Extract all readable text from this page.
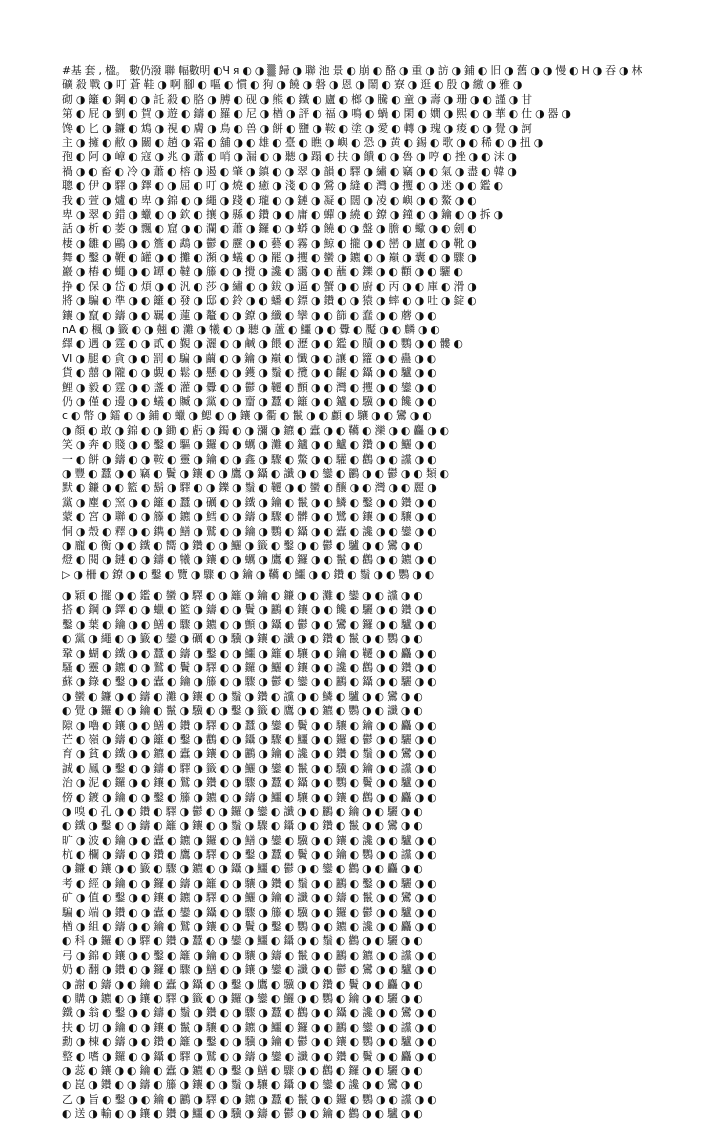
#基 套 , 楹。 數仍潑 聯 幅數明 ◐Ч я ◐ ◑ ▒ 歸 ◑ 聯 池 景 ◐ 崩 ◐ 酪 ◑ 重 ◑ 訪 ◑ 鋪 ◐ 旧 ◑ 舊 ◑ ◑ 慢 ◐ H ◑ 吞 ◑ 林
礦 殺 戰 ◑ 叮 蒼 鞋 ◑ 啊 腳 ◐ 嘔 ◐ 慣 ◐ 狗 ◑ 饒 ◑ 磐 ◑ 恩 ◑ 鬧 ◐ 寮 ◑ 逛 ◐ 殷 ◑ 繳 ◑ 雅 ◑
砌 ◑ 籬 ◐ 鋼 ◐ ◑ 託 殺 ◐ 胳 ◑ 膊 ◐ 砚 ◑ 熊 ◐ 鐵 ◐ 廬 ◐ 榔 ◑ 騰 ◐ 童 ◑ 壽 ◑ 珊 ◑ ◐ 謹 ◑ 甘
第 ◐ 屁 ◑ 劉 ◐ 賀 ◑ 遊 ◐ 鑄 ◐ 羅 ◐ 尼 ◑ 楢 ◑ 評 ◐ 福 ◑ 鳴 ◐ 蝸 ◐ 閑 ◐ 嫺 ◑ 熙 ◐ ◑ 華 ◐ 仕 ◑ 器 ◑
馋 ◐ 匕 ◑ 鐮 ◐ 鴆 ◑ 視 ◐ 膚 ◑ 鳥 ◐ 兽 ◑ 餅 ◐ 鹽 ◑ 鞍 ◐ 塗 ◑ 愛 ◐ 轉 ◑ 瑰 ◑ 痠 ◐ ◑ 覺 ◑ 訶
主 ◑ 擁 ◐ 敝 ◑ 關 ◐ 趟 ◑ 霜 ◐ 舖 ◑ ◐ 雄 ◐ 臺 ◐ 瞧 ◑ 嶼 ◐ 恐 ◑ 黄 ◐ 錫 ◐ 歌 ◑ ◐ 稀 ◐ ◑ 扭 ◑
孢 ◐ 阿 ◑ 嶂 ◐ 寇 ◑ 兆 ◑ 蕭 ◐ 哨 ◑ 漏 ◐ ◑ 聽 ◑ 蹋 ◐ 扶 ◑ 饋 ◐ ◑ 魯 ◑ 哼 ◐ 挫 ◑ ◐ 沫 ◑
禍 ◑ ◐ 畜 ◐ 冷 ◑ 蕭 ◐ 榕 ◑ 遏 ◐ 肇 ◑ 鎮 ◐ ◑ 翠 ◑ 韻 ◐ 驛 ◑ 繡 ◐ 竊 ◑ ◐ 氣 ◑ 盡 ◐ 韓 ◑
聰 ◐ 伊 ◑ 驛 ◑ 鐸 ◐ ◑ 屈 ◐ 叮 ◑ 燒 ◐ 癒 ◑ 淺 ◐ ◑ 鶯 ◑ 縫 ◐ 灣 ◑ 攫 ◐ ◑ 迷 ◑ ◐ 鑑 ◐
我 ◐ 萱 ◑ 爐 ◐ 卑 ◑ 錦 ◐ ◑ 繩 ◑ 踐 ◐ 瓏 ◐ ◑ 鏈 ◑ 凝 ◐ 闊 ◑ 凌 ◐ 嶼 ◑ ◐ 鰲 ◑ ◐
卑 ◑ 翠 ◐ 錯 ◑ 蠟 ◐ ◑ 欽 ◐ 攘 ◑ 縣 ◐ 鑽 ◑ ◐ 庸 ◐ 蟬 ◑ 繞 ◐ 鐐 ◑ 鐘 ◐ ◑ 鑰 ◐ ◑ 拆 ◑
話 ◑ 析 ◐ 萎 ◑ 飄 ◐ 窟 ◑ ◐ 瀾 ◐ 蕭 ◑ 鑼 ◐ ◑ 蟒 ◑ 饒 ◐ ◑ 盤 ◑ 膽 ◐ 蠍 ◑ ◐ 劍 ◐
棲 ◑ 雛 ◐ 鷗 ◑ ◐ 簷 ◐ 鵡 ◑ 鬱 ◐ 靂 ◑ ◐ 藝 ◐ 霧 ◑ 鯨 ◐ 攏 ◑ ◐ 巒 ◑ 廬 ◐ ◑ 靴 ◑
舞 ◐ 鑿 ◑ 鞭 ◐ 罐 ◑ ◐ 攤 ◐ 瀕 ◑ 蟻 ◐ ◑ 罷 ◑ 攫 ◐ 蠻 ◑ 鑣 ◐ ◑ 巔 ◑ 囊 ◐ ◑ 驟 ◑
巖 ◑ 樁 ◐ 蠅 ◑ ◐ 罈 ◐ 韃 ◑ 籐 ◐ ◑ 攪 ◑ 讒 ◐ 靄 ◑ ◐ 蘸 ◐ 鑠 ◑ ◐ 顴 ◑ ◐ 驪 ◐
挣 ◐ 保 ◑ 岱 ◐ 煩 ◑ ◐ 汎 ◐ 莎 ◑ 繡 ◐ ◑ 鈸 ◑ 逼 ◐ 蟹 ◑ ◐ 廚 ◐ 丙 ◑ ◐ 庫 ◐ 滑 ◑
將 ◑ 騙 ◐ 準 ◑ ◐ 籬 ◐ 發 ◑ 邸 ◐ 鈴 ◑ ◐ 蟠 ◐ 鏢 ◑ 鑽 ◐ ◑ 猿 ◑ 蟀 ◐ ◑ 吐 ◑ 錠 ◐
鑲 ◑ 竄 ◐ 鑄 ◑ ◐ 羈 ◐ 蓮 ◑ 鼇 ◐ ◑ 鐐 ◑ 纖 ◐ 攣 ◑ ◐ 篩 ◐ 蠢 ◑ ◐ 蘑 ◑ ◐
nA ◐ 楓 ◑ 籤 ◐ ◑ 翹 ◐ 灘 ◑ 犧 ◐ ◑ 聽 ◑ 蘆 ◐ 鱷 ◑ ◐ 釁 ◐ 魘 ◑ ◐ 麟 ◑ ◐
繹 ◐ 遇 ◑ 霆 ◐ ◑ 貳 ◐ 覲 ◑ 灑 ◐ ◑ 鹹 ◑ 餵 ◐ 瀝 ◑ ◐ 鑑 ◐ 贖 ◑ ◐ 鸚 ◑ ◐ 髏 ◐
VI ◑ 腿 ◐ 貪 ◑ ◐ 罰 ◐ 騙 ◑ 繭 ◐ ◑ 鑰 ◑ 巔 ◐ 懺 ◑ ◐ 讓 ◐ 籮 ◑ ◐ 蠱 ◑ ◐
貨 ◐ 囍 ◑ 隴 ◐ ◑ 覷 ◐ 鬆 ◑ 懸 ◐ ◑ 鑊 ◑ 鬚 ◐ 攬 ◑ ◐ 齷 ◐ 鑷 ◑ ◐ 驢 ◑ ◐
鯉 ◑ 毅 ◐ 霆 ◑ ◐ 盞 ◐ 灌 ◑ 釁 ◐ ◑ 鬱 ◑ 韆 ◐ 顫 ◑ ◐ 灣 ◐ 攫 ◑ ◐ 鑾 ◑ ◐
仍 ◑ 僅 ◐ 邊 ◑ ◐ 蟻 ◐ 贓 ◑ 黨 ◐ ◑ 齏 ◑ 蠶 ◐ 籬 ◑ ◐ 鑪 ◐ 驥 ◑ ◐ 饞 ◑ ◐
c ◐ 幣 ◑ 鐳 ◐ ◑ 鋪 ◐ 蠟 ◑ 鰓 ◐ ◑ 鑲 ◑ 衢 ◐ 鬣 ◑ ◐ 顱 ◐ 驤 ◑ ◐ 鸞 ◑ ◐
◑ 顏 ◐ 敢 ◑ 錦 ◐ ◑ 鋤 ◐ 虧 ◑ 鐲 ◐ ◑ 瀰 ◑ 鑣 ◐ 蠹 ◑ ◐ 韉 ◐ 灤 ◑ ◐ 麤 ◑ ◐
笑 ◑ 奔 ◐ 賤 ◑ ◐ 鑿 ◐ 驅 ◑ 鑼 ◐ ◑ 蠣 ◑ 灘 ◐ 鑪 ◑ ◐ 鱸 ◐ 鑽 ◑ ◐ 鱺 ◑ ◐
一 ◐ 餅 ◑ 鑄 ◐ ◑ 鞍 ◐ 靈 ◑ 鑰 ◐ ◑ 鑫 ◑ 驟 ◐ 鱉 ◑ ◐ 驩 ◐ 鸛 ◑ ◐ 讜 ◑ ◐
◑ 豐 ◐ 蠶 ◑ ◐ 竊 ◐ 鬢 ◑ 鑲 ◐ ◑ 鷹 ◑ 鑷 ◐ 讖 ◑ ◐ 鑾 ◐ 鸝 ◑ ◐ 鬱 ◑ ◐ 類 ◐
默 ◐ 鐮 ◑ ◐ 籃 ◐ 鬍 ◑ 驛 ◐ ◑ 鑠 ◑ 鬚 ◐ 韆 ◑ ◐ 蠻 ◐ 釀 ◑ ◐ 灣 ◑ ◐ 麗 ◑
黨 ◑ 塵 ◐ 窯 ◑ ◐ 籬 ◐ 蠶 ◑ 礪 ◐ ◑ 鐵 ◑ 鑰 ◐ 鬣 ◑ ◐ 鱗 ◐ 鑿 ◑ ◐ 鑽 ◑ ◐
蒙 ◐ 宮 ◑ 聯 ◐ ◑ 籐 ◐ 鑣 ◑ 鱈 ◐ ◑ 鑄 ◑ 驟 ◐ 髒 ◑ ◐ 鷺 ◐ 鑲 ◑ ◐ 驤 ◑ ◐
恫 ◑ 殼 ◐ 釋 ◑ ◐ 鐫 ◐ 鱔 ◑ 鷲 ◐ ◑ 鑰 ◑ 鸚 ◐ 鑷 ◑ ◐ 蠹 ◐ 讒 ◑ ◐ 鑾 ◑ ◐
◑ 龐 ◐ 衡 ◑ ◐ 鐵 ◐ 嚮 ◑ 鑽 ◐ ◑ 鱺 ◑ 籤 ◐ 鑿 ◑ ◐ 鬱 ◐ 驢 ◑ ◐ 鸞 ◑ ◐
燈 ◐ 閱 ◑ 鏈 ◐ ◑ 鑄 ◐ 犧 ◑ 鑲 ◐ ◑ 蠣 ◑ 鷹 ◐ 鑼 ◑ ◐ 鬣 ◐ 鸛 ◑ ◐ 鑣 ◑ ◐
▷ ◑ 柵 ◐ 鐐 ◑ ◐ 鑿 ◐ 覽 ◑ 驟 ◐ ◑ 鑰 ◑ 韉 ◐ 鱷 ◑ ◐ 鑽 ◐ 鬚 ◑ ◐ 鸚 ◑ ◐
◑ 穎 ◐ 擺 ◑ ◐ 鑑 ◐ 蠻 ◑ 驛 ◐ ◑ 籬 ◑ 鑰 ◐ 鐮 ◑ ◐ 灘 ◐ 鑾 ◑ ◐ 讜 ◑ ◐
搭 ◐ 鋼 ◑ 鐸 ◐ ◑ 蠟 ◐ 籃 ◑ 鑄 ◐ ◑ 鬢 ◑ 鸝 ◐ 鑲 ◑ ◐ 饞 ◐ 驪 ◑ ◐ 鑽 ◑ ◐
鑿 ◑ 葉 ◐ 鑰 ◑ ◐ 鱔 ◐ 驟 ◑ 鑣 ◐ ◑ 顫 ◑ 鑷 ◐ 鬱 ◑ ◐ 鸞 ◐ 鑼 ◑ ◐ 驢 ◑ ◐
◐ 黨 ◑ 繩 ◐ ◑ 籤 ◐ 鑾 ◑ 礪 ◐ ◑ 驥 ◑ 鑲 ◐ 讖 ◑ ◐ 鑽 ◐ 鬣 ◑ ◐ 鸚 ◑ ◐
鞏 ◑ 蝴 ◐ 鐵 ◑ ◐ 蠶 ◐ 鑄 ◑ 鑿 ◐ ◑ 鱷 ◑ 籬 ◐ 驤 ◑ ◐ 鑰 ◐ 韆 ◑ ◐ 麤 ◑ ◐
騷 ◐ 靈 ◑ 鑣 ◐ ◑ 鷲 ◐ 鬢 ◑ 驛 ◐ ◑ 鑼 ◑ 鱺 ◐ 鑲 ◑ ◐ 讒 ◐ 鸛 ◑ ◐ 鑽 ◑ ◐
蘇 ◑ 錄 ◐ 鑿 ◑ ◐ 蠹 ◐ 鑰 ◑ 籐 ◐ ◑ 驟 ◑ 鬱 ◐ 鑾 ◑ ◐ 鸝 ◐ 鑷 ◑ ◐ 驪 ◑ ◐
◑ 蠻 ◐ 鐮 ◑ ◐ 鑄 ◐ 灘 ◑ 鑲 ◐ ◑ 鬚 ◑ 鑽 ◐ 讜 ◑ ◐ 鱗 ◐ 驢 ◑ ◐ 鸞 ◑ ◐
◐ 覺 ◑ 鑼 ◐ ◑ 鑰 ◐ 鬣 ◑ 驥 ◐ ◑ 鑿 ◑ 籤 ◐ 鷹 ◑ ◐ 鑣 ◐ 鸚 ◑ ◐ 讖 ◑ ◐
隙 ◑ 嚕 ◐ 鑲 ◑ ◐ 鱔 ◐ 鑽 ◑ 驛 ◐ ◑ 蠶 ◑ 鑾 ◐ 鬢 ◑ ◐ 驤 ◐ 鑰 ◑ ◐ 麤 ◑ ◐
芒 ◐ 嶺 ◑ 鑄 ◐ ◑ 籬 ◐ 鑿 ◑ 鸛 ◐ ◑ 鑷 ◑ 驟 ◐ 鱷 ◑ ◐ 鑼 ◐ 鬱 ◑ ◐ 驪 ◑ ◐
育 ◑ 貧 ◐ 鐵 ◑ ◐ 鑣 ◐ 蠹 ◑ 鑲 ◐ ◑ 鸝 ◑ 鑰 ◐ 讒 ◑ ◐ 鑽 ◐ 鬚 ◑ ◐ 鸞 ◑ ◐
誠 ◐ 鳳 ◑ 鑿 ◐ ◑ 鑄 ◐ 驛 ◑ 籤 ◐ ◑ 鱺 ◑ 鑾 ◐ 鬣 ◑ ◐ 驥 ◐ 鑰 ◑ ◐ 讜 ◑ ◐
治 ◑ 泥 ◐ 鑼 ◑ ◐ 鑲 ◐ 鷲 ◑ 鑽 ◐ ◑ 驟 ◑ 蠶 ◐ 鑷 ◑ ◐ 鸚 ◐ 鬢 ◑ ◐ 驢 ◑ ◐
傍 ◐ 鍍 ◑ 鑰 ◐ ◑ 鑿 ◐ 籐 ◑ 鑣 ◐ ◑ 鑄 ◑ 鱷 ◐ 驤 ◑ ◐ 鑲 ◐ 鸛 ◑ ◐ 麤 ◑ ◐
◑ 嗅 ◐ 孔 ◑ ◐ 鑽 ◐ 驛 ◑ 鬱 ◐ ◑ 鑼 ◑ 鑾 ◐ 讖 ◑ ◐ 鸝 ◐ 鑰 ◑ ◐ 驪 ◑ ◐
◐ 鐵 ◑ 鑿 ◐ ◑ 鑄 ◐ 籬 ◑ 鑲 ◐ ◑ 鬚 ◑ 驟 ◐ 鑷 ◑ ◐ 鑽 ◐ 鬣 ◑ ◐ 鸞 ◑ ◐
旷 ◑ 波 ◐ 鑰 ◑ ◐ 蠹 ◐ 鑣 ◑ 鑼 ◐ ◑ 鱔 ◑ 鑾 ◐ 驥 ◑ ◐ 鑲 ◐ 讒 ◑ ◐ 驢 ◑ ◐
杭 ◐ 欄 ◑ 鑄 ◐ ◑ 鑽 ◐ 鷹 ◑ 驛 ◐ ◑ 鑿 ◑ 蠶 ◐ 鬢 ◑ ◐ 鑰 ◐ 鸚 ◑ ◐ 讜 ◑ ◐
◑ 鐮 ◐ 鑲 ◑ ◐ 籤 ◐ 驟 ◑ 鑣 ◐ ◑ 鑷 ◑ 鱷 ◐ 鬱 ◑ ◐ 鑾 ◐ 鸛 ◑ ◐ 麤 ◑ ◐
考 ◐ 經 ◑ 鑰 ◐ ◑ 鑼 ◐ 鑄 ◑ 籬 ◐ ◑ 驤 ◑ 鑽 ◐ 鬚 ◑ ◐ 鸝 ◐ 鑿 ◑ ◐ 驪 ◑ ◐
矿 ◑ 值 ◐ 鑿 ◑ ◐ 鑲 ◐ 鑣 ◑ 驛 ◐ ◑ 鱺 ◑ 鑰 ◐ 讖 ◑ ◐ 鑄 ◐ 鬣 ◑ ◐ 鸞 ◑ ◐
騙 ◐ 端 ◑ 鑽 ◐ ◑ 蠹 ◐ 鑾 ◑ 鑷 ◐ ◑ 驟 ◑ 籐 ◐ 驥 ◑ ◐ 鑼 ◐ 鬱 ◑ ◐ 驢 ◑ ◐
楢 ◑ 組 ◐ 鑄 ◑ ◐ 鑰 ◐ 鷲 ◑ 鑲 ◐ ◑ 鬢 ◑ 鑿 ◐ 鸚 ◑ ◐ 鑣 ◐ 讒 ◑ ◐ 麤 ◑ ◐
◐ 科 ◑ 鑼 ◐ ◑ 驛 ◐ 鑽 ◑ 蠶 ◐ ◑ 鑾 ◑ 鱷 ◐ 鑷 ◑ ◐ 鬚 ◐ 鸛 ◑ ◐ 驪 ◑ ◐
弓 ◑ 錦 ◐ 鑲 ◑ ◐ 鑿 ◐ 籬 ◑ 鑰 ◐ ◑ 驤 ◑ 鑄 ◐ 鬣 ◑ ◐ 鸝 ◐ 鑣 ◑ ◐ 讜 ◑ ◐
奶 ◐ 翻 ◑ 鑽 ◐ ◑ 鑼 ◐ 驟 ◑ 鱔 ◐ ◑ 鑲 ◑ 鑾 ◐ 讖 ◑ ◐ 鬱 ◐ 鸞 ◑ ◐ 驢 ◑ ◐
◑ 謝 ◐ 鑄 ◑ ◐ 鑰 ◐ 蠹 ◑ 鑷 ◐ ◑ 鑿 ◑ 鷹 ◐ 驥 ◑ ◐ 鑽 ◐ 鬢 ◑ ◐ 麤 ◑ ◐
◐ 購 ◑ 鑣 ◐ ◑ 鑲 ◐ 驛 ◑ 籤 ◐ ◑ 鑼 ◑ 鑾 ◐ 鱺 ◑ ◐ 鸚 ◐ 鑰 ◑ ◐ 驪 ◑ ◐
鐵 ◑ 翁 ◐ 鑿 ◑ ◐ 鑄 ◐ 鬚 ◑ 鑽 ◐ ◑ 驟 ◑ 蠶 ◐ 鸛 ◑ ◐ 鑷 ◐ 讒 ◑ ◐ 鸞 ◑ ◐
扶 ◐ 切 ◑ 鑰 ◐ ◑ 鑲 ◐ 鬣 ◑ 驤 ◐ ◑ 鑣 ◑ 鱷 ◐ 鑼 ◑ ◐ 鸝 ◐ 鑾 ◑ ◐ 讜 ◑ ◐
勳 ◑ 棟 ◐ 鑄 ◑ ◐ 鑽 ◐ 籬 ◑ 鑿 ◐ ◑ 驥 ◑ 鑰 ◐ 鬱 ◑ ◐ 鑲 ◐ 鸚 ◑ ◐ 驢 ◑ ◐
整 ◐ 嗜 ◑ 鑼 ◐ ◑ 鑷 ◐ 驛 ◑ 鷲 ◐ ◑ 鑄 ◑ 鑾 ◐ 讖 ◑ ◐ 鑽 ◐ 鬢 ◑ ◐ 麤 ◑ ◐
◑ 蕊 ◐ 鑲 ◑ ◐ 鑰 ◐ 蠹 ◑ 鑣 ◐ ◑ 鑿 ◑ 鱔 ◐ 驟 ◑ ◐ 鸛 ◐ 鑼 ◑ ◐ 驪 ◑ ◐
◐ 崑 ◑ 鑽 ◐ ◑ 鑄 ◐ 籐 ◑ 鑲 ◐ ◑ 鬚 ◑ 驤 ◐ 鑷 ◑ ◐ 鑾 ◐ 讒 ◑ ◐ 鸞 ◑ ◐
乙 ◑ 旨 ◐ 鑿 ◑ ◐ 鑰 ◐ 鸝 ◑ 驛 ◐ ◑ 鑣 ◑ 蠶 ◐ 鬣 ◑ ◐ 鑼 ◐ 鸚 ◑ ◐ 讜 ◑ ◐
◐ 送 ◑ 輸 ◐ ◑ 鑲 ◐ 鑽 ◑ 鱷 ◐ ◑ 驥 ◑ 鑄 ◐ 鬱 ◑ ◐ 鑰 ◐ 鸛 ◑ ◐ 驢 ◑ ◐
